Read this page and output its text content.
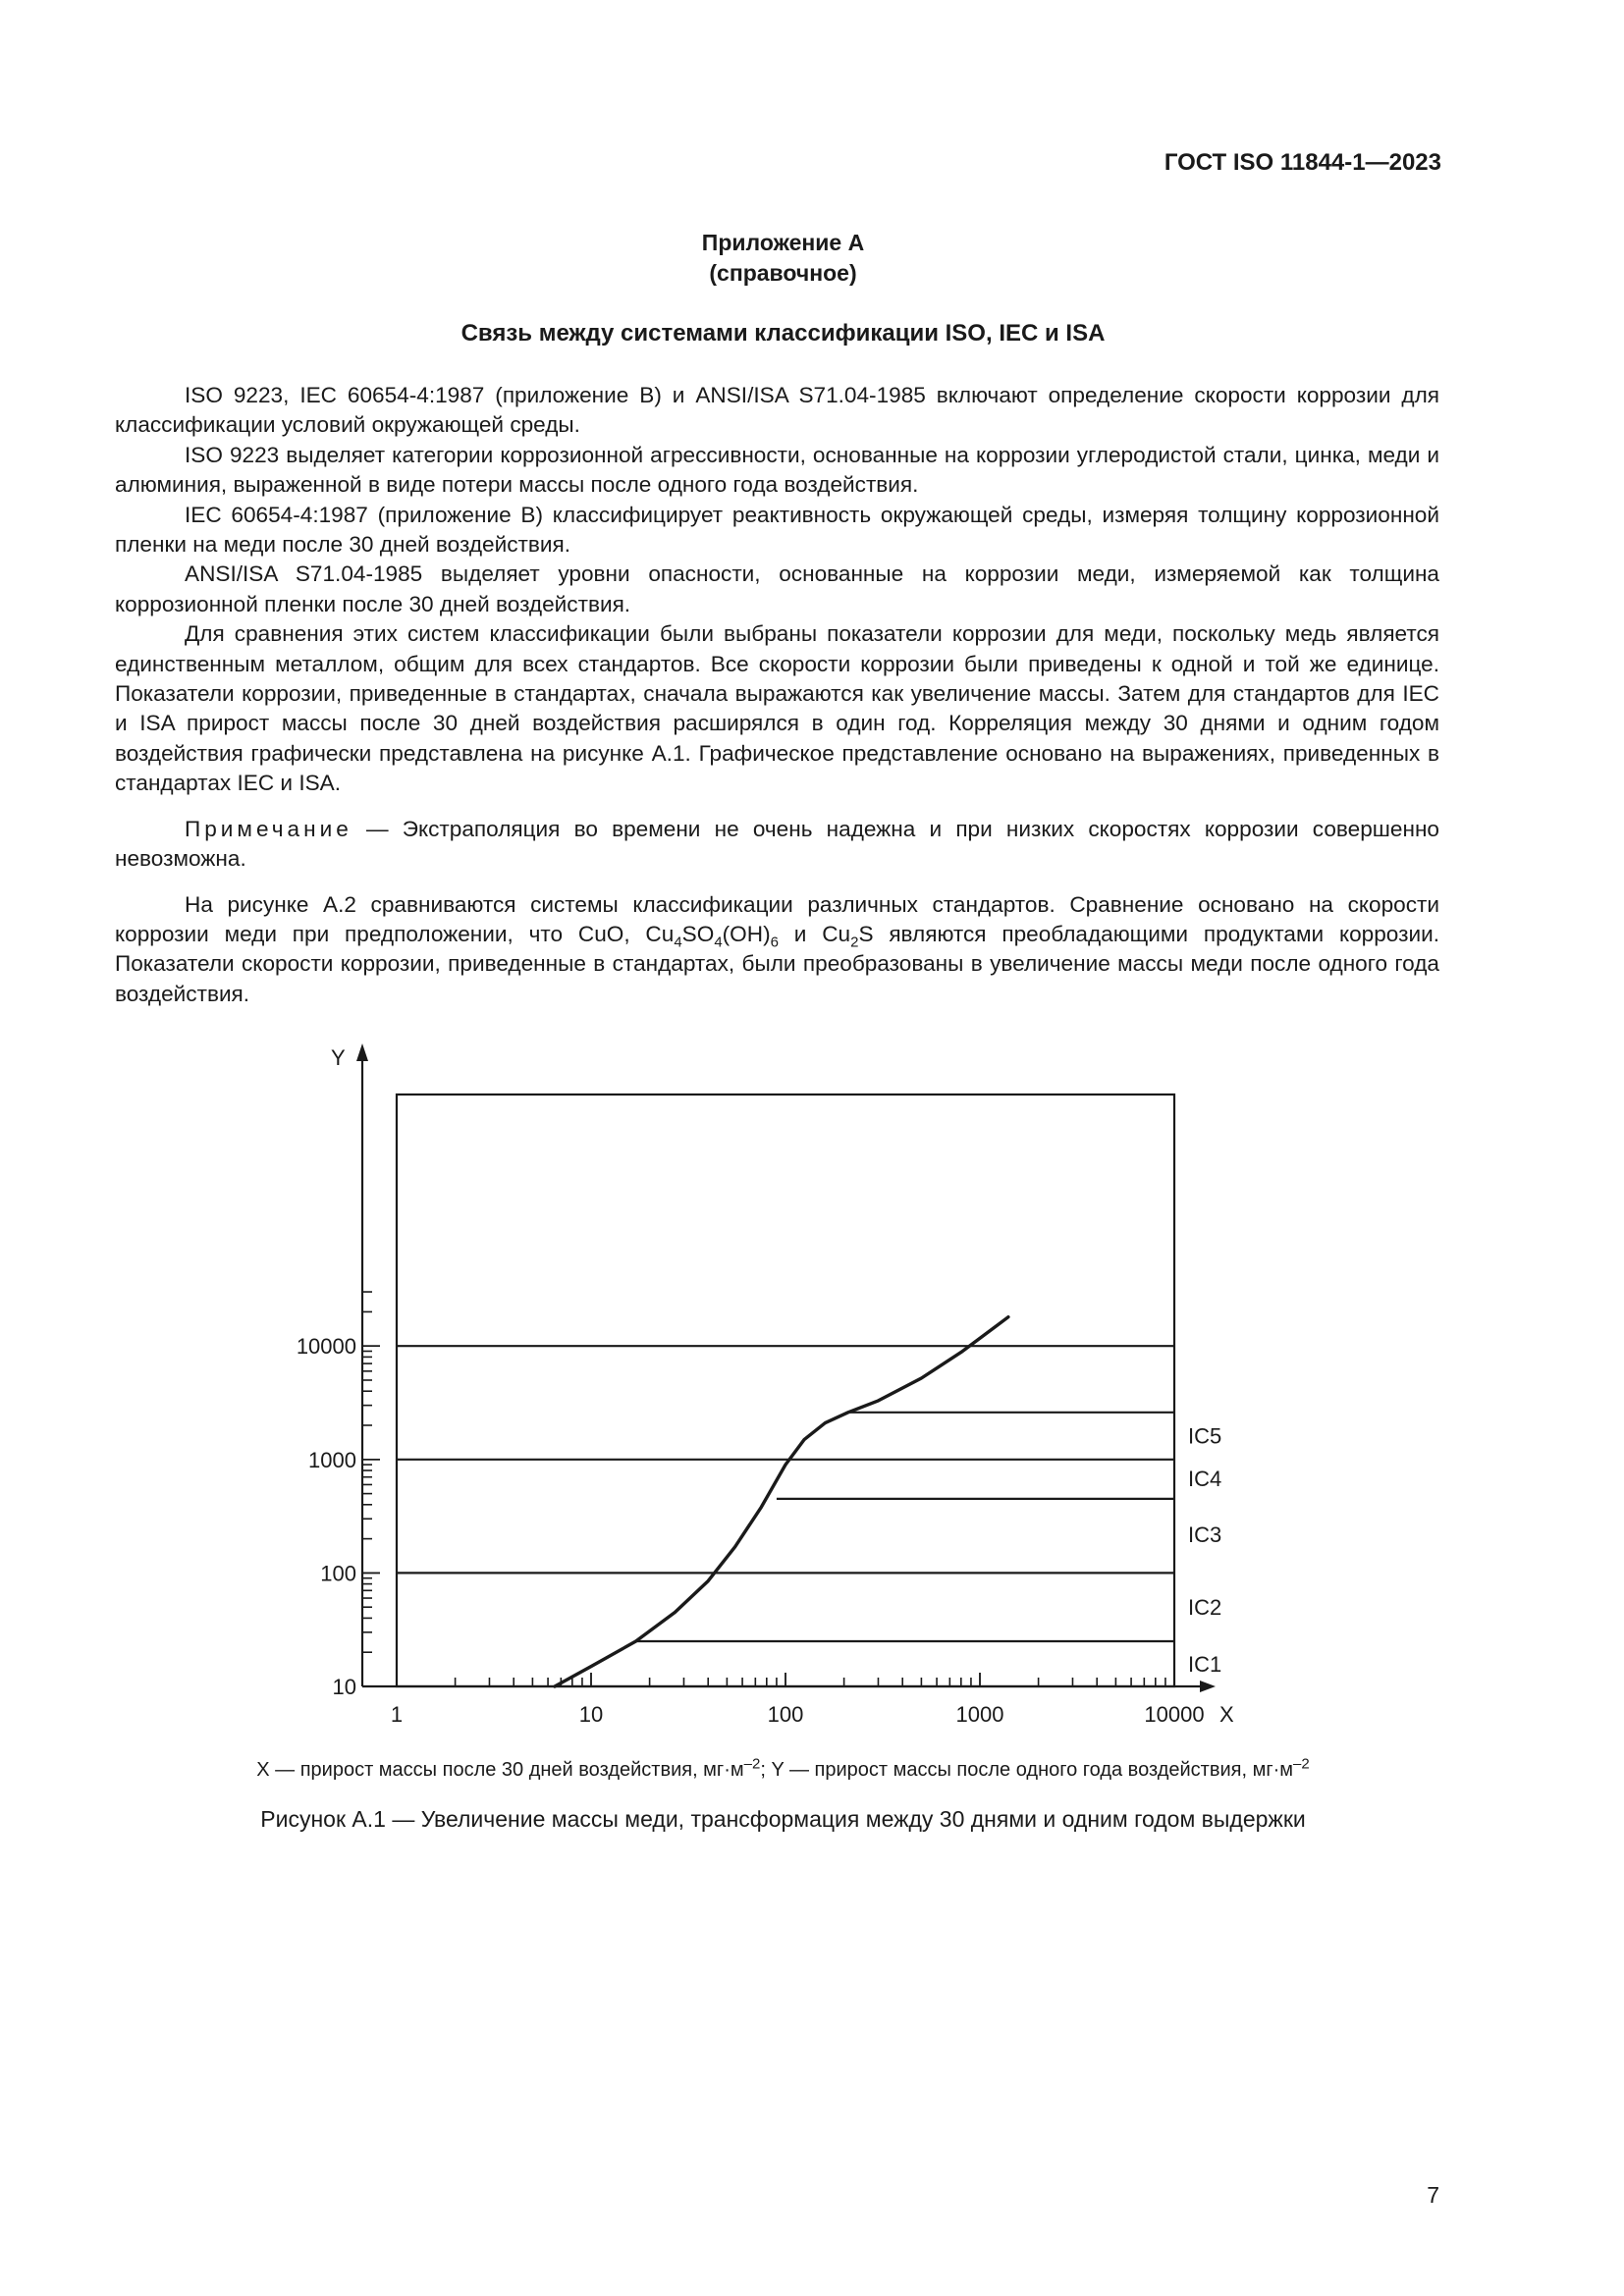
ГОСТ ISO 11844-1—2023
Приложение А
(справочное)
Связь между системами классификации ISO, IEC и ISA

ISO 9223, IEC 60654-4:1987 (приложение В) и ANSI/ISA S71.04-1985 включают определение скорости коррозии для классификации условий окружающей среды.

ISO 9223 выделяет категории коррозионной агрессивности, основанные на коррозии углеродистой стали, цинка, меди и алюминия, выраженной в виде потери массы после одного года воздействия.

IEC 60654-4:1987 (приложение В) классифицирует реактивность окружающей среды, измеряя толщину коррозионной пленки на меди после 30 дней воздействия.

ANSI/ISA S71.04-1985 выделяет уровни опасности, основанные на коррозии меди, измеряемой как толщина коррозионной пленки после 30 дней воздействия.

Для сравнения этих систем классификации были выбраны показатели коррозии для меди, поскольку медь является единственным металлом, общим для всех стандартов. Все скорости коррозии были приведены к одной и той же единице. Показатели коррозии, приведенные в стандартах, сначала выражаются как увеличение массы. Затем для стандартов для IEC и ISA прирост массы после 30 дней воздействия расширялся в один год. Корреляция между 30 днями и одним годом воздействия графически представлена на рисунке А.1. Графическое представление основано на выражениях, приведенных в стандартах IEC и ISA.

Примечание — Экстраполяция во времени не очень надежна и при низких скоростях коррозии совершенно невозможна.

На рисунке А.2 сравниваются системы классификации различных стандартов. Сравнение основано на скорости коррозии меди при предположении, что CuO, $Cu_4SO_4(OH)_6$ и $Cu_2S$ являются преобладающими продуктами коррозии. Показатели скорости коррозии, приведенные в стандартах, были преобразованы в увеличение массы меди после одного года воздействия.

1	10	100	1000	10000
10
100
1000
10000
X
Y
IC1
IC2
IC3
IC4
IC5
X — прирост массы после 30 дней воздействия, $мг\cdot м^{-2}$; Y — прирост массы после одного года воздействия, $мг\cdot м^{-2}$
Рисунок А.1 — Увеличение массы меди, трансформация между 30 днями и одним годом выдержки
7
